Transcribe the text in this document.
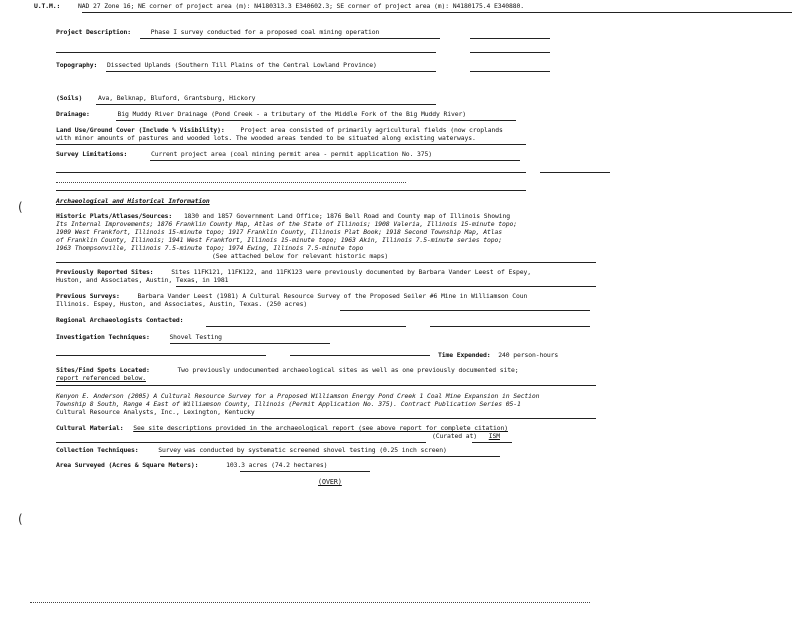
U.T.M.:	NAD 27 Zone 16; NE corner of project area (m): N4180313.3 E340602.3; SE corner of project area (m): N4180175.4 E340880.
Project Description:	Phase I survey conducted for a proposed coal mining operation
Topography: Dissected Uplands (Southern Till Plains of the Central Lowland Province)
(Soils) Ava, Belknap, Bluford, Grantsburg, Hickory
Drainage:	Big Muddy River Drainage (Pond Creek - a tributary of the Middle Fork of the Big Muddy River)
Land Use/Ground Cover (Include % Visibility): Project area consisted of primarily agricultural fields (now croplands
with minor amounts of pastures and wooded lots. The wooded areas tended to be situated along existing waterways.
Survey Limitations:	Current project area (coal mining permit area - permit application No. 375)
(
(
Archaeological and Historical Information
Historic Plats/Atlases/Sources: 1830 and 1857 Government Land Office; 1876 Bell Road and County map of Illinois Showing
Its Internal Improvements; 1876 Franklin County Map, Atlas of the State of Illinois; 1908 Valeria, Illinois 15-minute topo;
1909 West Frankfort, Illinois 15-minute topo; 1917 Franklin County, Illinois Plat Book; 1918 Second Township Map, Atlas
of Franklin County, Illinois; 1941 West Frankfort, Illinois 15-minute topo; 1963 Akin, Illinois 7.5-minute series topo;
1963 Thompsonville, Illinois 7.5-minute topo; 1974 Ewing, Illinois 7.5-minute topo
(See attached below for relevant historic maps)
Previously Reported Sites:	Sites 11FK121, 11FK122, and 11FK123 were previously documented by Barbara Vander Leest of Espey,
Huston, and Associates, Austin, Texas, in 1981
Previous Surveys:	Barbara Vander Leest (1981) A Cultural Resource Survey of the Proposed Seiler #6 Mine in Williamson Coun
Illinois. Espey, Huston, and Associates, Austin, Texas. (250 acres)
Regional Archaeologists Contacted:
Investigation Techniques:	Shovel Testing
Time Expended: 240 person-hours
Sites/Find Spots Located:	Two previously undocumented archaeological sites as well as one previously documented site;
report referenced below.
Kenyon E. Anderson (2005) A Cultural Resource Survey for a Proposed Williamson Energy Pond Creek 1 Coal Mine Expansion in Section
Township 8 South, Range 4 East of Williamson County, Illinois (Permit Application No. 375). Contract Publication Series 05-1
Cultural Resource Analysts, Inc., Lexington, Kentucky
Cultural Material: See site descriptions provided in the archaeological report (see above report for complete citation)
(Curated at) ISM
Collection Techniques:	Survey was conducted by systematic screened shovel testing (0.25 inch screen)
Area Surveyed (Acres & Square Meters):	103.3 acres (74.2 hectares)
(OVER)
